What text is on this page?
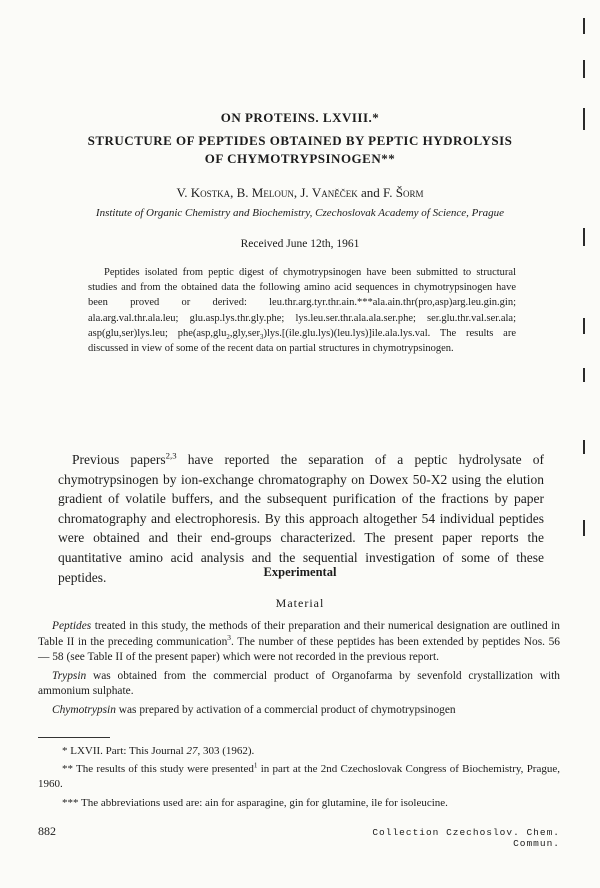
ON PROTEINS. LXVIII.*
STRUCTURE OF PEPTIDES OBTAINED BY PEPTIC HYDROLYSIS
OF CHYMOTRYPSINOGEN**
V. Kostka, B. Meloun, J. Vaněček and F. Šorm
Institute of Organic Chemistry and Biochemistry, Czechoslovak Academy of Science, Prague
Received June 12th, 1961

Peptides isolated from peptic digest of chymotrypsinogen have been submitted to structural studies and from the obtained data the following amino acid sequences in chymotrypsinogen have been proved or derived: leu.thr.arg.tyr.thr.ain.***ala.ain.thr(pro,asp)arg.leu.gin.gin; ala.arg.val.thr.ala.leu; glu.asp.lys.thr.gly.phe; lys.leu.ser.thr.ala.ala.ser.phe; ser.glu.thr.val.ser.ala; asp(glu,ser)lys.leu; phe(asp,glu$_2$,gly,ser$_3$)lys.[(ile.glu.lys)(leu.lys)]ile.ala.lys.val. The results are discussed in view of some of the recent data on partial structures in chymotrypsinogen.

Previous papers$^{2,3}$ have reported the separation of a peptic hydrolysate of chymotrypsinogen by ion-exchange chromatography on Dowex 50-X2 using the elution gradient of volatile buffers, and the subsequent purification of the fractions by paper chromatography and electrophoresis. By this approach altogether 54 individual peptides were obtained and their end-groups characterized. The present paper reports the quantitative amino acid analysis and the sequential investigation of some of these peptides.	Experimental
Material

Peptides treated in this study, the methods of their preparation and their numerical designation are outlined in Table II in the preceding communication$^3$. The number of these peptides has been extended by peptides Nos. 56 — 58 (see Table II of the present paper) which were not recorded in the previous report.

Trypsin was obtained from the commercial product of Organofarma by sevenfold crystallization with ammonium sulphate.

Chymotrypsin was prepared by activation of a commercial product of chymotrypsinogen

* LXVII. Part: This Journal 27, 303 (1962).
** The results of this study were presented$^1$ in part at the 2nd Czechoslovak Congress of Biochemistry, Prague, 1960.
*** The abbreviations used are: ain for asparagine, gin for glutamine, ile for isoleucine.
882	Collection Czechoslov. Chem. Commun.
